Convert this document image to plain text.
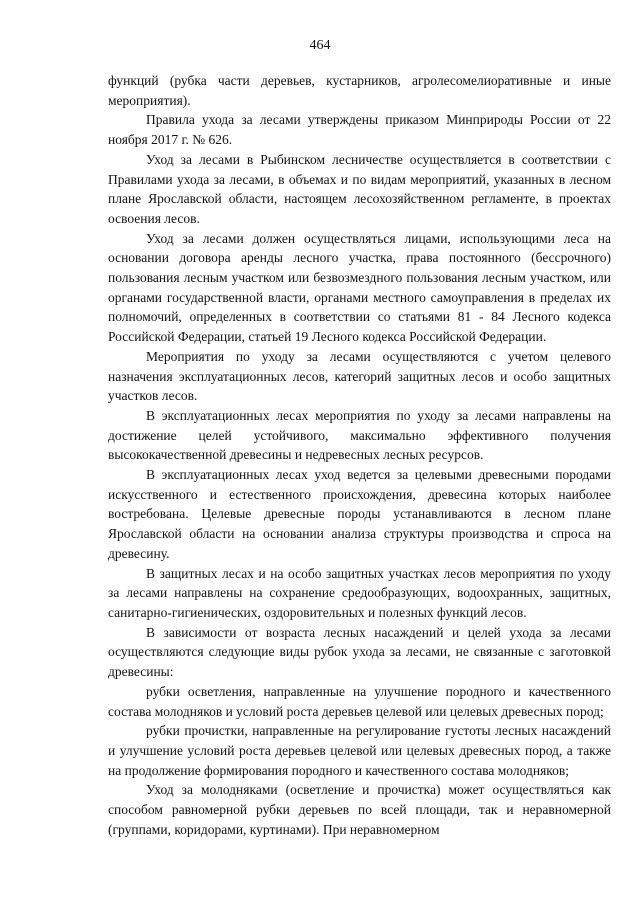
464

функций (рубка части деревьев, кустарников, агролесомелиоративные и иные мероприятия).

Правила ухода за лесами утверждены приказом Минприроды России от 22 ноября 2017 г. № 626.

Уход за лесами в Рыбинском лесничестве осуществляется в соответствии с Правилами ухода за лесами, в объемах и по видам мероприятий, указанных в лесном плане Ярославской области, настоящем лесохозяйственном регламенте, в проектах освоения лесов.

Уход за лесами должен осуществляться лицами, использующими леса на основании договора аренды лесного участка, права постоянного (бессрочного) пользования лесным участком или безвозмездного пользования лесным участком, или органами государственной власти, органами местного самоуправления в пределах их полномочий, определенных в соответствии со статьями 81 - 84 Лесного кодекса Российской Федерации, статьей 19 Лесного кодекса Российской Федерации.

Мероприятия по уходу за лесами осуществляются с учетом целевого назначения эксплуатационных лесов, категорий защитных лесов и особо защитных участков лесов.

В эксплуатационных лесах мероприятия по уходу за лесами направлены на достижение целей устойчивого, максимально эффективного получения высококачественной древесины и недревесных лесных ресурсов.

В эксплуатационных лесах уход ведется за целевыми древесными породами искусственного и естественного происхождения, древесина которых наиболее востребована. Целевые древесные породы устанавливаются в лесном плане Ярославской области на основании анализа структуры производства и спроса на древесину.

В защитных лесах и на особо защитных участках лесов мероприятия по уходу за лесами направлены на сохранение средообразующих, водоохранных, защитных, санитарно-гигиенических, оздоровительных и полезных функций лесов.

В зависимости от возраста лесных насаждений и целей ухода за лесами осуществляются следующие виды рубок ухода за лесами, не связанные с заготовкой древесины:

рубки осветления, направленные на улучшение породного и качественного состава молодняков и условий роста деревьев целевой или целевых древесных пород;

рубки прочистки, направленные на регулирование густоты лесных насаждений и улучшение условий роста деревьев целевой или целевых древесных пород, а также на продолжение формирования породного и качественного состава молодняков;

Уход за молодняками (осветление и прочистка) может осуществляться как способом равномерной рубки деревьев по всей площади, так и неравномерной (группами, коридорами, куртинами). При неравномерном
